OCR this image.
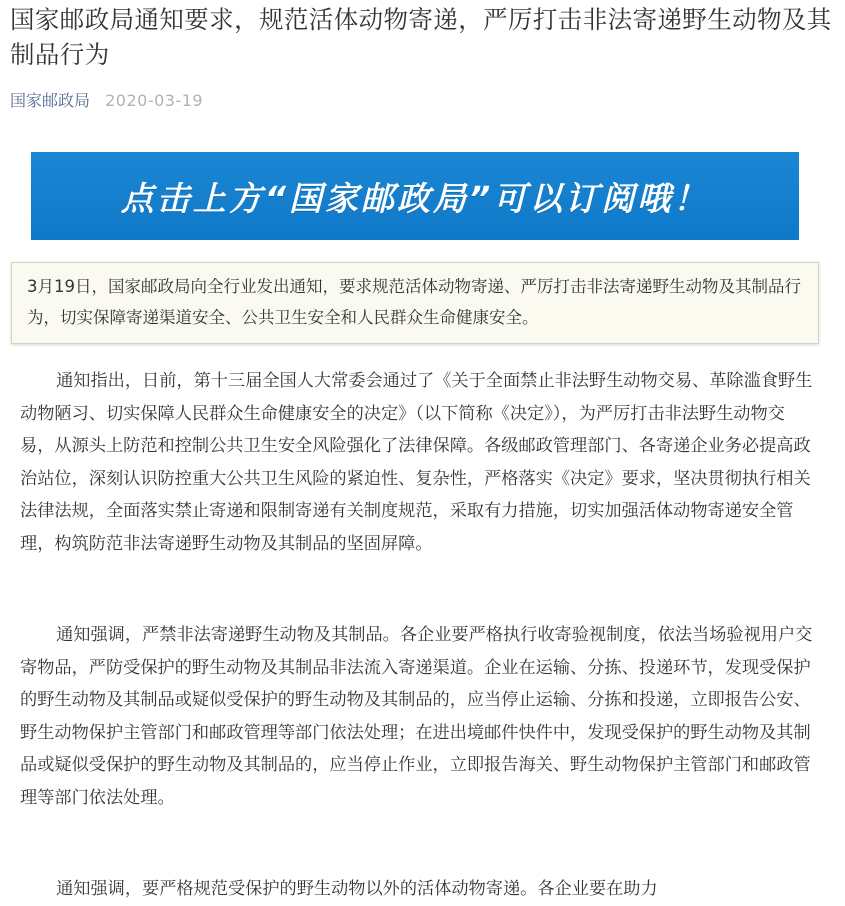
国家邮政局通知要求，规范活体动物寄递，严厉打击非法寄递野生动物及其制品行为
国家邮政局 2020-03-19
点击上方“国家邮政局”可以订阅哦！
3月19日，国家邮政局向全行业发出通知，要求规范活体动物寄递、严厉打击非法寄递野生动物及其制品行为，切实保障寄递渠道安全、公共卫生安全和人民群众生命健康安全。

通知指出，日前，第十三届全国人大常委会通过了《关于全面禁止非法野生动物交易、革除滥食野生动物陋习、切实保障人民群众生命健康安全的决定》（以下简称《决定》），为严厉打击非法野生动物交易，从源头上防范和控制公共卫生安全风险强化了法律保障。各级邮政管理部门、各寄递企业务必提高政治站位，深刻认识防控重大公共卫生风险的紧迫性、复杂性，严格落实《决定》要求，坚决贯彻执行相关法律法规，全面落实禁止寄递和限制寄递有关制度规范，采取有力措施，切实加强活体动物寄递安全管理，构筑防范非法寄递野生动物及其制品的坚固屏障。

通知强调，严禁非法寄递野生动物及其制品。各企业要严格执行收寄验视制度，依法当场验视用户交寄物品，严防受保护的野生动物及其制品非法流入寄递渠道。企业在运输、分拣、投递环节，发现受保护的野生动物及其制品或疑似受保护的野生动物及其制品的，应当停止运输、分拣和投递，立即报告公安、野生动物保护主管部门和邮政管理等部门依法处理；在进出境邮件快件中，发现受保护的野生动物及其制品或疑似受保护的野生动物及其制品的，应当停止作业，立即报告海关、野生动物保护主管部门和邮政管理等部门依法处理。

通知强调，要严格规范受保护的野生动物以外的活体动物寄递。各企业要在助力
